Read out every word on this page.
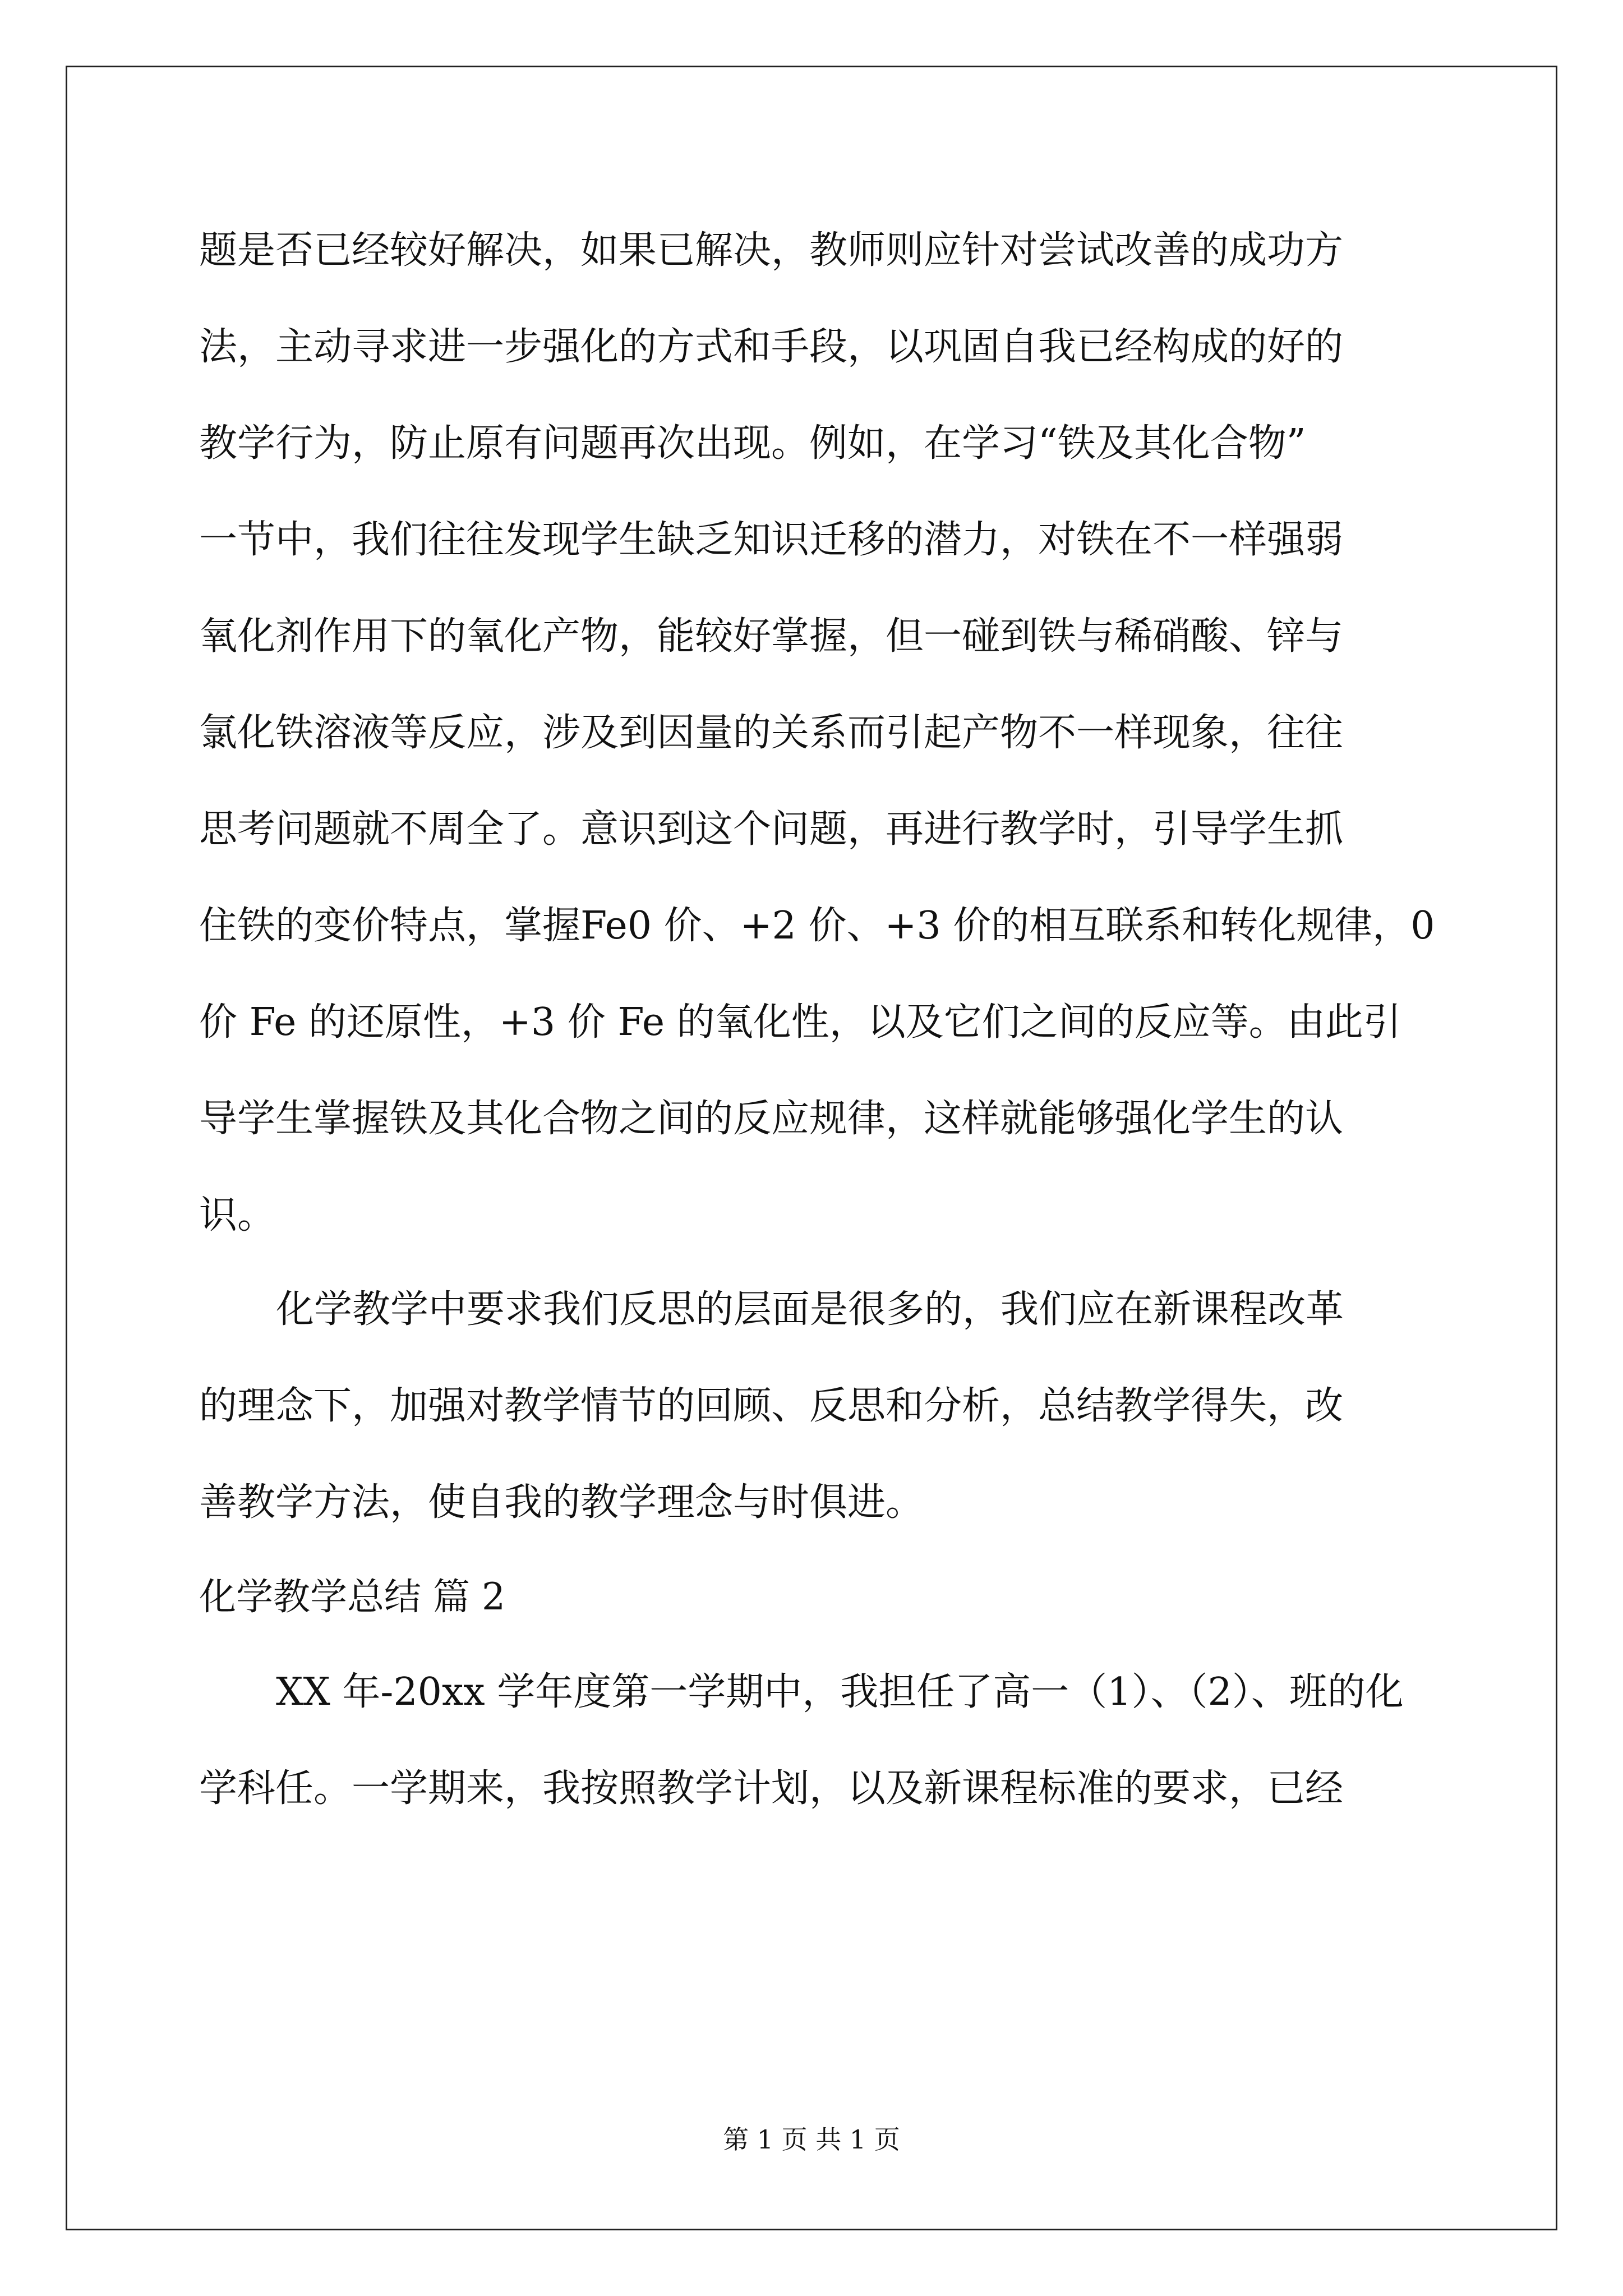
题是否已经较好解决，如果已解决，教师则应针对尝试改善的成功方
法，主动寻求进一步强化的方式和手段，以巩固自我已经构成的好的
教学行为，防止原有问题再次出现。例如，在学习“铁及其化合物”
一节中，我们往往发现学生缺乏知识迁移的潜力，对铁在不一样强弱
氧化剂作用下的氧化产物，能较好掌握，但一碰到铁与稀硝酸、锌与
氯化铁溶液等反应，涉及到因量的关系而引起产物不一样现象，往往
思考问题就不周全了。意识到这个问题，再进行教学时，引导学生抓
住铁的变价特点，掌握Fe0 价、+2 价、+3 价的相互联系和转化规律，0
价 Fe 的还原性，+3 价 Fe 的氧化性，以及它们之间的反应等。由此引
导学生掌握铁及其化合物之间的反应规律，这样就能够强化学生的认
识。
化学教学中要求我们反思的层面是很多的，我们应在新课程改革
的理念下，加强对教学情节的回顾、反思和分析，总结教学得失，改
善教学方法，使自我的教学理念与时俱进。
化学教学总结 篇 2
XX 年-20xx 学年度第一学期中，我担任了高一（1）、（2）、班的化
学科任。一学期来，我按照教学计划，以及新课程标准的要求，已经
第 1 页 共 1 页
